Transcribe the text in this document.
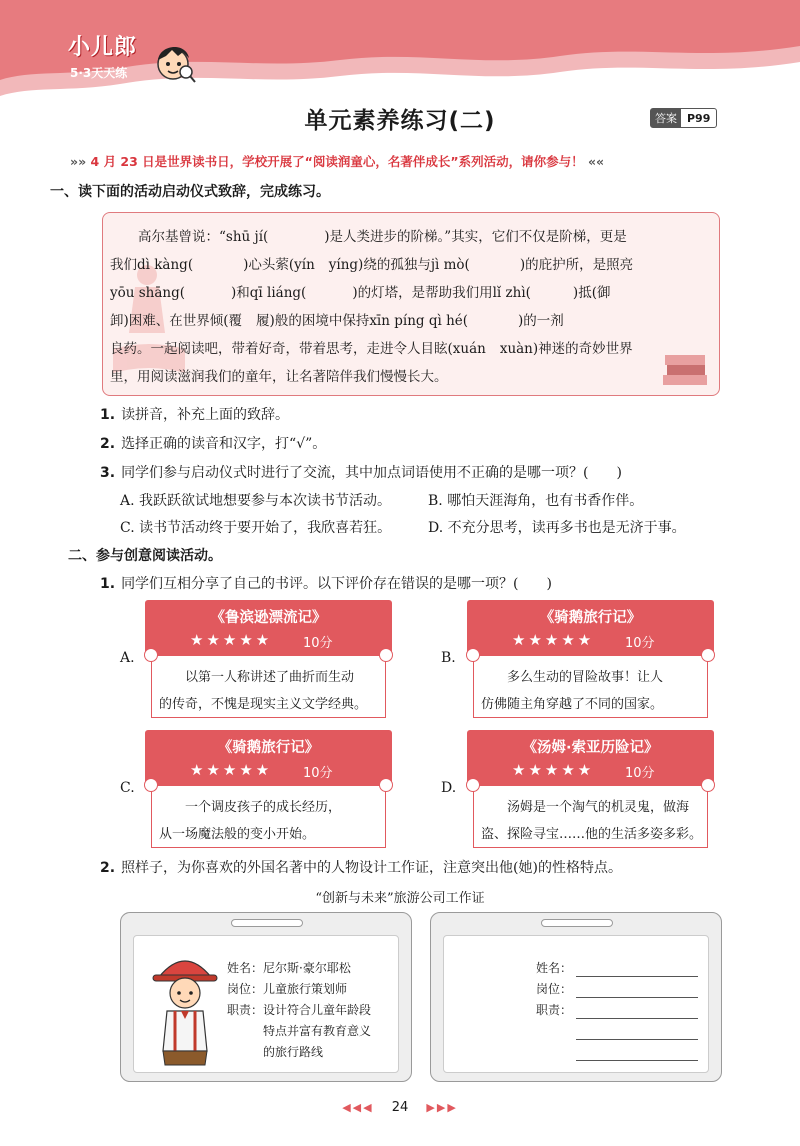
小儿郎
5·3天天练
单元素养练习(二)	答案 P99
»» 4 月 23 日是世界读书日，学校开展了“阅读润童心，名著伴成长”系列活动，请你参与！ ««
一、读下面的活动启动仪式致辞，完成练习。
高尔基曾说：“shū jí(	)是人类进步的阶梯。”其实，它们不仅是阶梯，更是
我们dì kàng(	)心头萦(yín yíng)绕的孤独与jì mò(	)的庇护所，是照亮
yōu shāng(	)和qī liáng(	)的灯塔，是帮助我们用lǐ zhì(	)抵(御
卸)困难、在世界倾(覆 履)般的困境中保持xīn píng qì hé(	)的一剂
良药。一起阅读吧，带着好奇，带着思考，走进令人目眩(xuán xuàn)神迷的奇妙世界
里，用阅读滋润我们的童年，让名著陪伴我们慢慢长大。
1. 读拼音，补充上面的致辞。
2. 选择正确的读音和汉字，打“√”。
3. 同学们参与启动仪式时进行了交流，其中加点词语使用不正确的是哪一项？(　　)
A. 我跃跃欲试地想要参与本次读书节活动。	B. 哪怕天涯海角，也有书香作伴。
C. 读书节活动终于要开始了，我欣喜若狂。	D. 不充分思考，读再多书也是无济于事。
二、参与创意阅读活动。
1. 同学们互相分享了自己的书评。以下评价存在错误的是哪一项？(　　)
A.
《鲁滨逊漂流记》
★★★★★ 10分
以第一人称讲述了曲折而生动
的传奇，不愧是现实主义文学经典。
B.
《骑鹅旅行记》
★★★★★ 10分
多么生动的冒险故事！让人
仿佛随主角穿越了不同的国家。
C.
《骑鹅旅行记》
★★★★★ 10分
一个调皮孩子的成长经历，
从一场魔法般的变小开始。
D.
《汤姆·索亚历险记》
★★★★★ 10分
汤姆是一个淘气的机灵鬼，做海
盗、探险寻宝……他的生活多姿多彩。
2. 照样子，为你喜欢的外国名著中的人物设计工作证，注意突出他(她)的性格特点。
“创新与未来”旅游公司工作证
姓名：尼尔斯·豪尔耶松
岗位：儿童旅行策划师
职责：设计符合儿童年龄段
特点并富有教育意义
的旅行路线
姓名：
岗位：
职责：
◀◀◀ 24 ▶▶▶
